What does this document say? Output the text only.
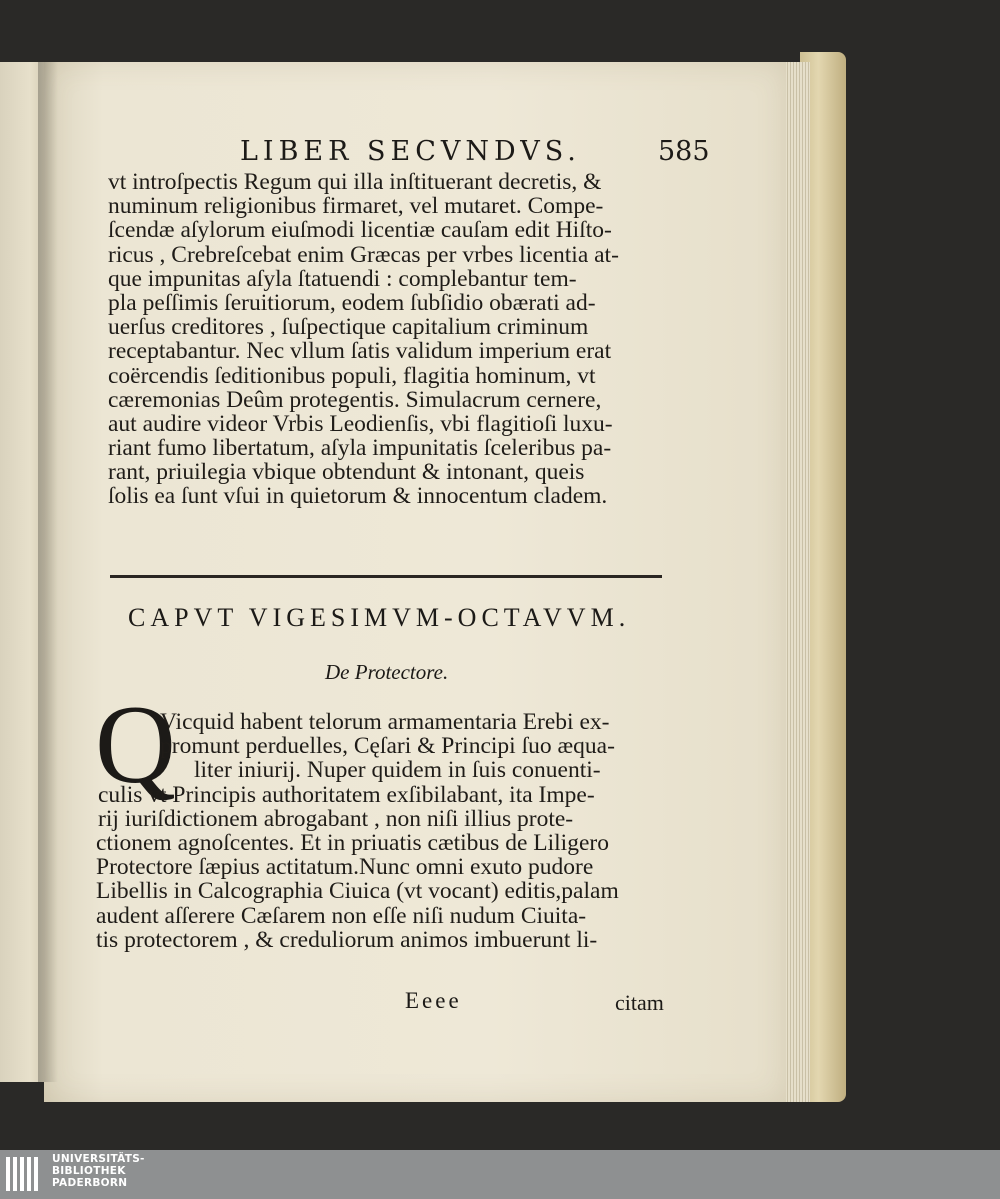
LIBER SECVNDVS.	585
vt introſpectis Regum qui illa inſtituerant decretis, &
numinum religionibus firmaret, vel mutaret. Compe-
ſcendæ aſylorum eiuſmodi licentiæ cauſam edit Hiſto-
ricus , Crebreſcebat enim Græcas per vrbes licentia at-
que impunitas aſyla ſtatuendi : complebantur tem-
pla peſſimis ſeruitiorum, eodem ſubſidio obærati ad-
uerſus creditores , ſuſpectique capitalium criminum
receptabantur. Nec vllum ſatis validum imperium erat
coërcendis ſeditionibus populi, flagitia hominum, vt
cæremonias Deûm protegentis. Simulacrum cernere,
aut audire videor Vrbis Leodienſis, vbi flagitioſi luxu-
riant fumo libertatum, aſyla impunitatis ſceleribus pa-
rant, priuilegia vbique obtendunt & intonant, queis
ſolis ea ſunt vſui in quietorum & innocentum cladem.
CAPVT VIGESIMVM-OCTAVVM.
De Protectore.
Q
Vicquid habent telorum armamentaria Erebi ex-
promunt perduelles, Cęſari & Principi ſuo æqua-
liter iniurij. Nuper quidem in ſuis conuenti-
culis vt Principis authoritatem exſibilabant, ita Impe-
rij iuriſdictionem abrogabant , non niſi illius prote-
ctionem agnoſcentes. Et in priuatis cætibus de Liligero
Protectore ſæpius actitatum.Nunc omni exuto pudore
Libellis in Calcographia Ciuica (vt vocant) editis,palam
audent aſſerere Cæſarem non eſſe niſi nudum Ciuita-
tis protectorem , & creduliorum animos imbuerunt li-
Eeee	citam
UNIVERSITÄTS-
BIBLIOTHEK
PADERBORN
